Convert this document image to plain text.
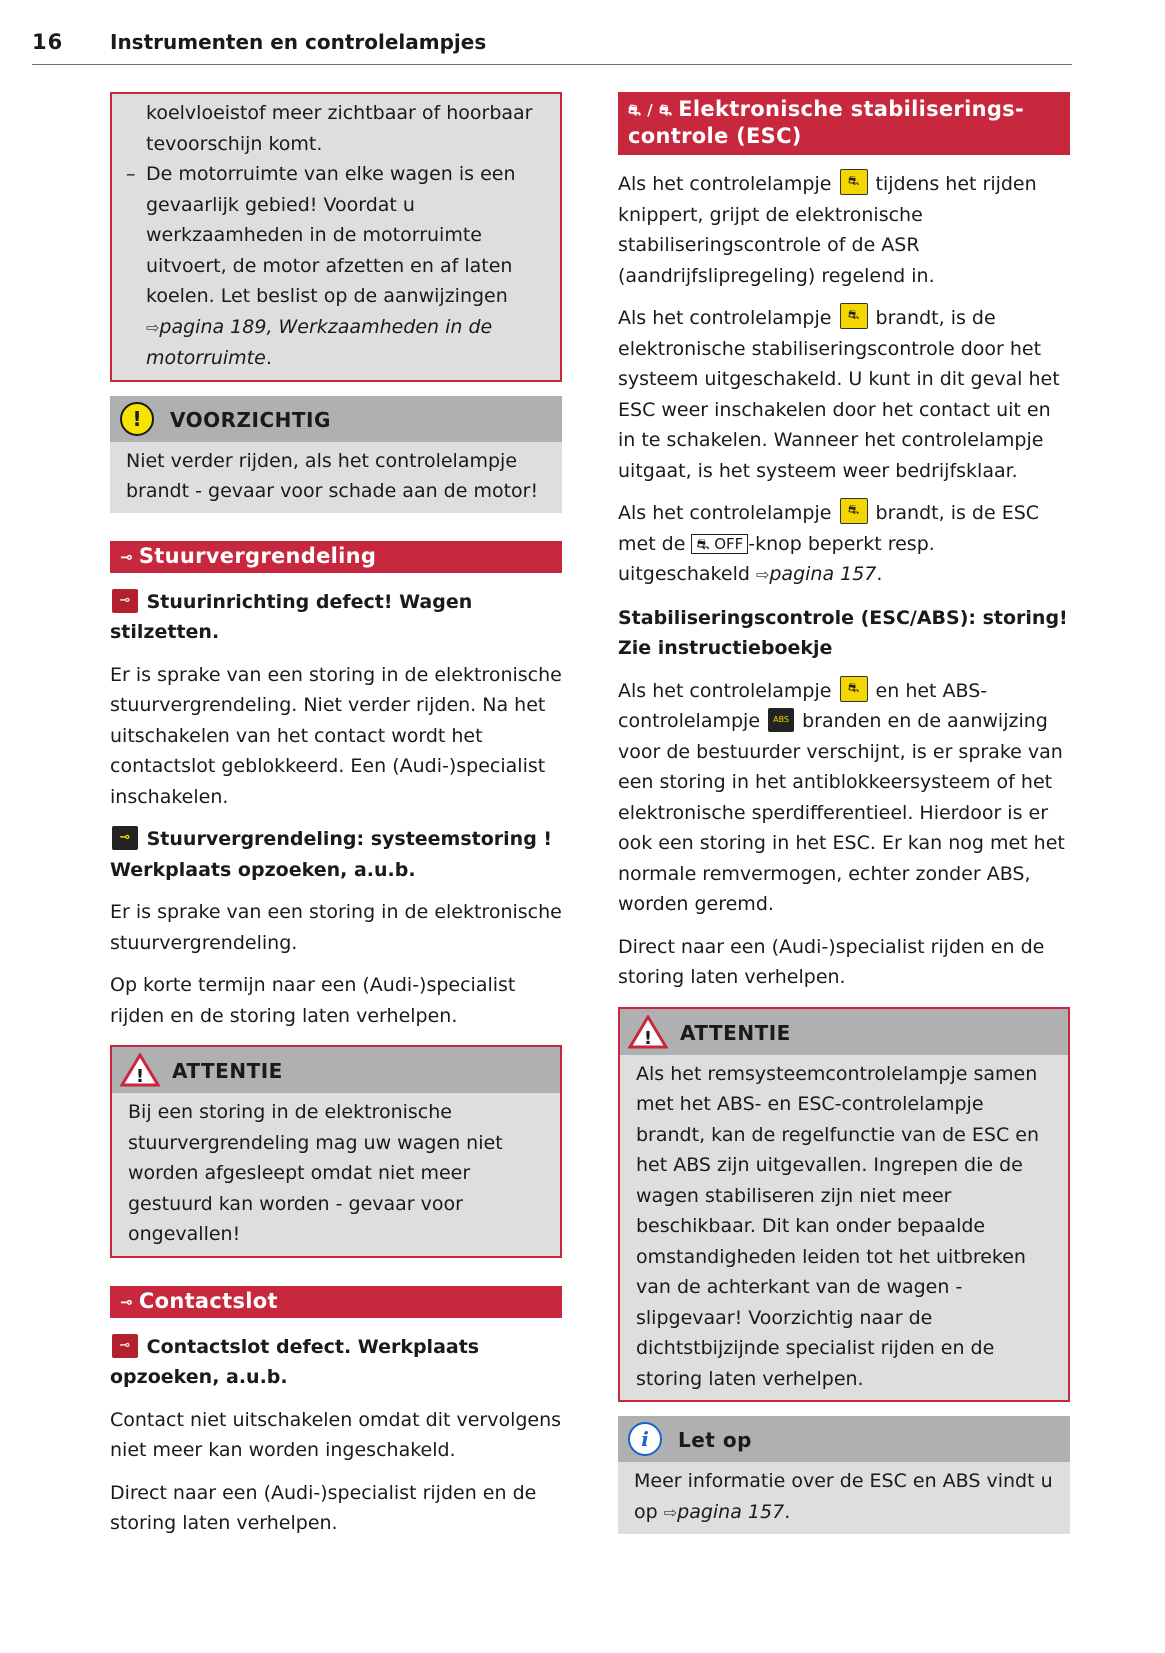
16 Instrumenten en controlelampjes

koelvloeistof meer zichtbaar of hoorbaar tevoorschijn komt.

– De motorruimte van elke wagen is een gevaarlijk gebied! Voordat u werkzaamheden in de motorruimte uitvoert, de motor afzetten en af laten koelen. Let beslist op de aanwijzingen ⇨pagina 189, Werkzaamheden in de motorruimte.

!	VOORZICHTIG

Niet verder rijden, als het controlelampje brandt - gevaar voor schade aan de motor!

⊸ Stuurvergrendeling

⊸ Stuurinrichting defect! Wagen stilzetten.

Er is sprake van een storing in de elektronische stuurvergrendeling. Niet verder rijden. Na het uitschakelen van het contact wordt het contactslot geblokkeerd. Een (Audi-)specialist inschakelen.

⊸ Stuurvergrendeling: systeemstoring ! Werkplaats opzoeken, a.u.b.

Er is sprake van een storing in de elektronische stuurvergrendeling.

Op korte termijn naar een (Audi-)specialist rijden en de storing laten verhelpen.

! ATTENTIE

Bij een storing in de elektronische stuurvergrendeling mag uw wagen niet worden afgesleept omdat niet meer gestuurd kan worden - gevaar voor ongevallen!

⊸ Contactslot

⊸ Contactslot defect. Werkplaats opzoeken, a.u.b.

Contact niet uitschakelen omdat dit vervolgens niet meer kan worden ingeschakeld.

Direct naar een (Audi-)specialist rijden en de storing laten verhelpen.

⛐ / ⛐ Elektronische stabiliserings-controle (ESC)

Als het controlelampje	⛐ tijdens het rijden knippert, grijpt de elektronische stabiliseringscontrole of de ASR (aandrijfslipregeling) regelend in.

Als het controlelampje	⛐ brandt, is de elektronische stabiliseringscontrole door het systeem uitgeschakeld. U kunt in dit geval het ESC weer inschakelen door het contact uit en in te schakelen. Wanneer het controlelampje uitgaat, is het systeem weer bedrijfsklaar.

Als het controlelampje	⛐ brandt, is de ESC met de ⛐ OFF -knop beperkt resp. uitgeschakeld ⇨pagina 157.

Stabiliseringscontrole (ESC/ABS): storing! Zie instructieboekje

Als het controlelampje	⛐ en het ABS-controlelampje	ABS branden en de aanwijzing voor de bestuurder verschijnt, is er sprake van een storing in het antiblokkeersysteem of het elektronische sperdifferentieel. Hierdoor is er ook een storing in het ESC. Er kan nog met het normale remvermogen, echter zonder ABS, worden geremd.

Direct naar een (Audi-)specialist rijden en de storing laten verhelpen.

! ATTENTIE

Als het remsysteemcontrolelampje samen met het ABS- en ESC-controlelampje brandt, kan de regelfunctie van de ESC en het ABS zijn uitgevallen. Ingrepen die de wagen stabiliseren zijn niet meer beschikbaar. Dit kan onder bepaalde omstandigheden leiden tot het uitbreken van de achterkant van de wagen - slipgevaar! Voorzichtig naar de dichtstbijzijnde specialist rijden en de storing laten verhelpen.

i	Let op

Meer informatie over de ESC en ABS vindt u op ⇨pagina 157.
